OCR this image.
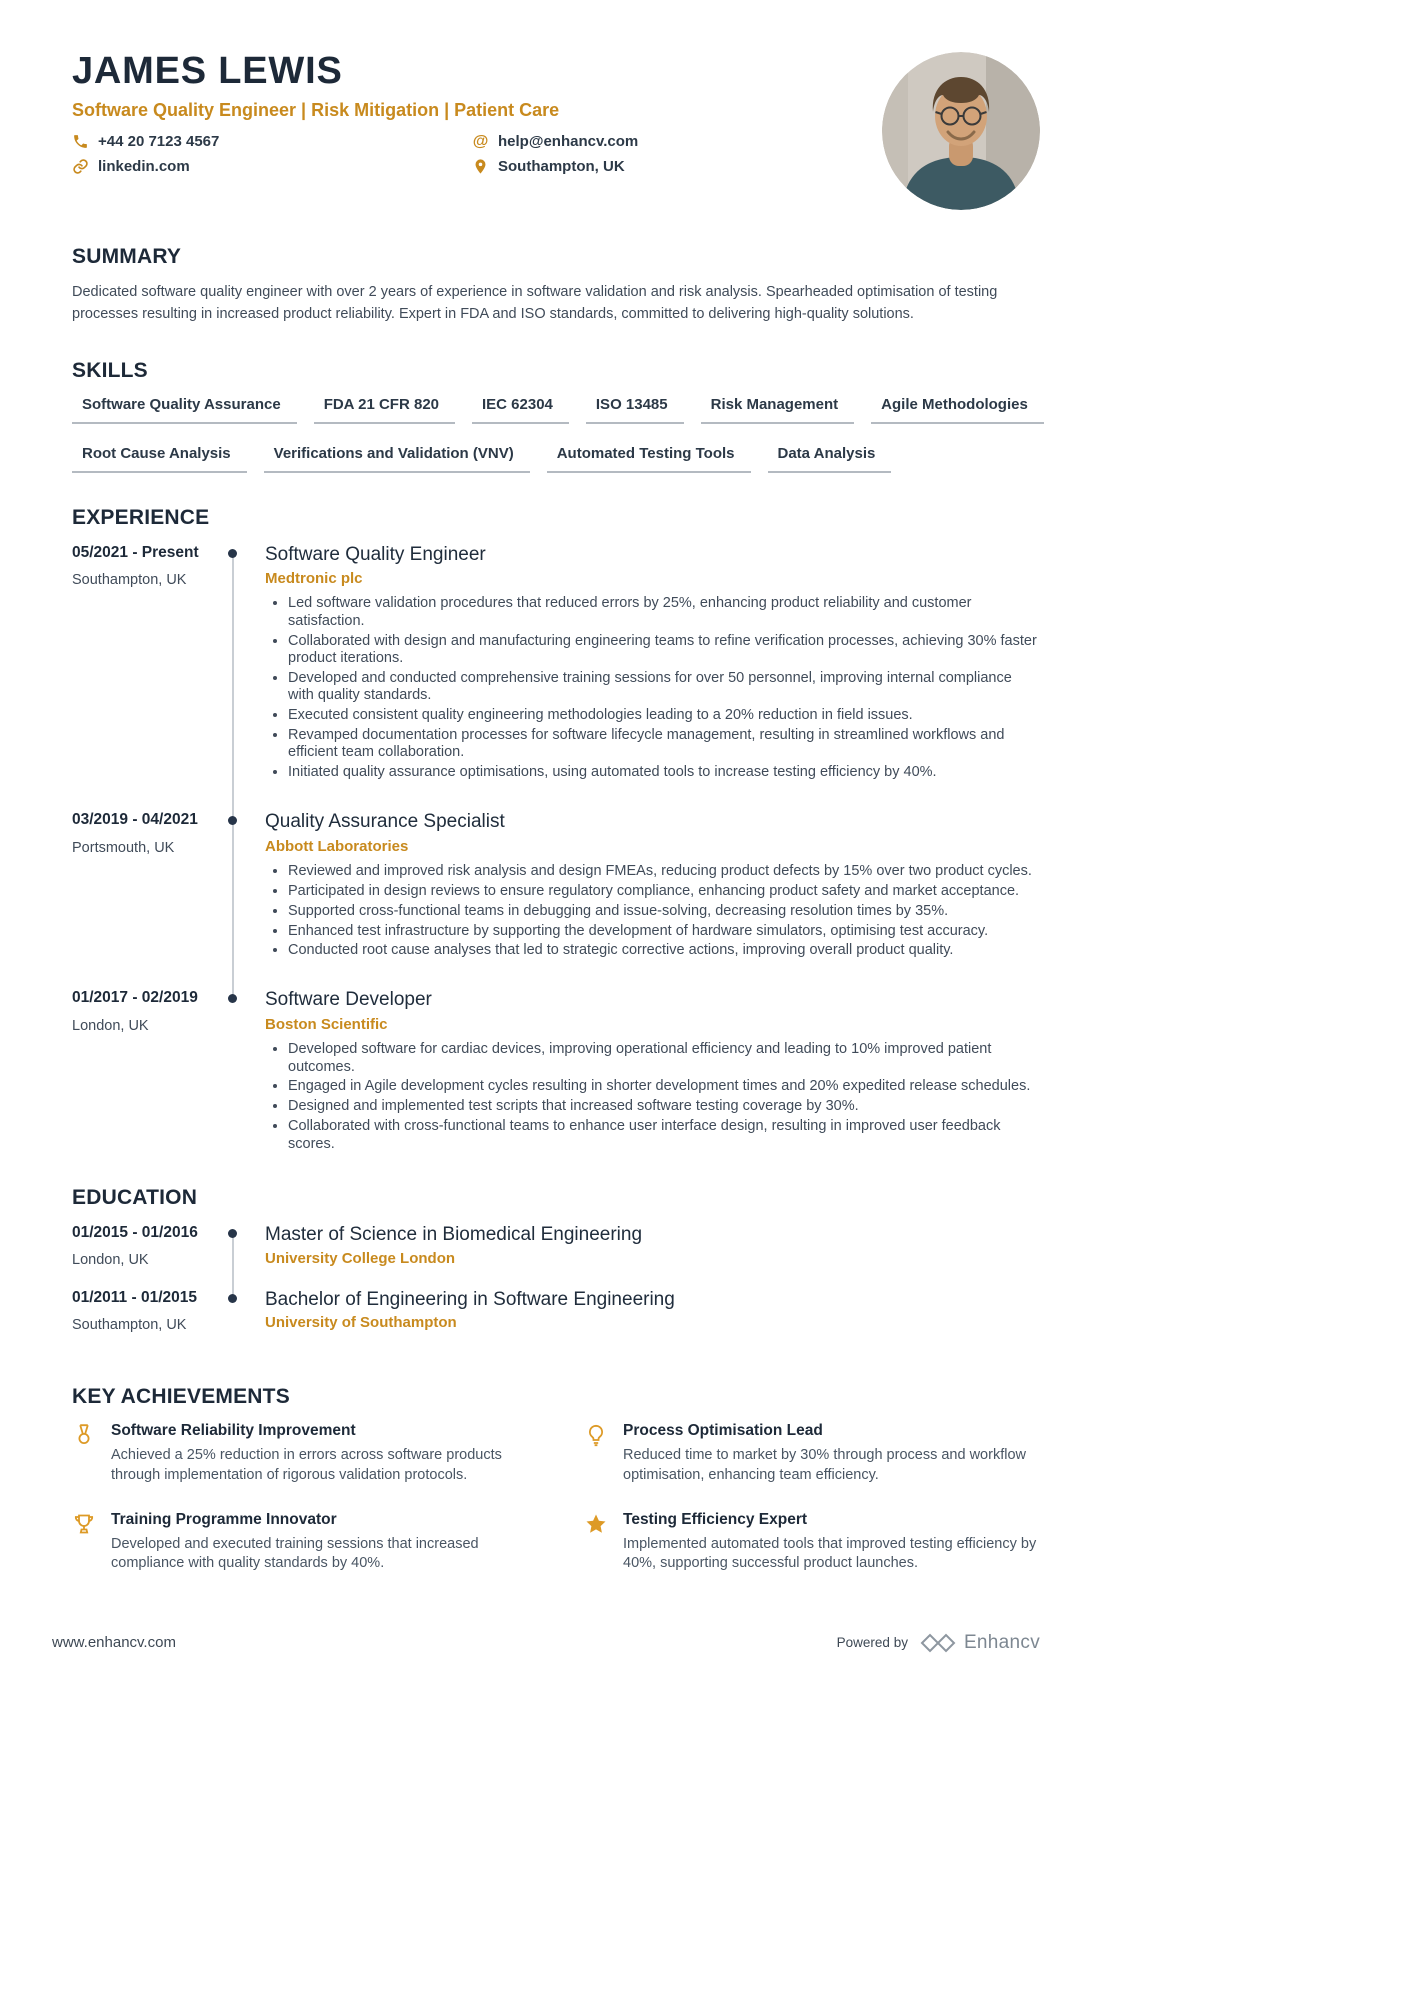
JAMES LEWIS
Software Quality Engineer | Risk Mitigation | Patient Care
+44 20 7123 4567	@ help@enhancv.com
linkedin.com	Southampton, UK
SUMMARY

Dedicated software quality engineer with over 2 years of experience in software validation and risk analysis. Spearheaded optimisation of testing processes resulting in increased product reliability. Expert in FDA and ISO standards, committed to delivering high-quality solutions.

SKILLS
Software Quality Assurance	FDA 21 CFR 820	IEC 62304	ISO 13485	Risk Management	Agile Methodologies
Root Cause Analysis	Verifications and Validation (VNV)	Automated Testing Tools	Data Analysis
EXPERIENCE
05/2021 - Present
Southampton, UK
Software Quality Engineer
Medtronic plc
• Led software validation procedures that reduced errors by 25%, enhancing product reliability and customer satisfaction.
• Collaborated with design and manufacturing engineering teams to refine verification processes, achieving 30% faster product iterations.
• Developed and conducted comprehensive training sessions for over 50 personnel, improving internal compliance with quality standards.
• Executed consistent quality engineering methodologies leading to a 20% reduction in field issues.
• Revamped documentation processes for software lifecycle management, resulting in streamlined workflows and efficient team collaboration.
• Initiated quality assurance optimisations, using automated tools to increase testing efficiency by 40%.
03/2019 - 04/2021
Portsmouth, UK
Quality Assurance Specialist
Abbott Laboratories
• Reviewed and improved risk analysis and design FMEAs, reducing product defects by 15% over two product cycles.
• Participated in design reviews to ensure regulatory compliance, enhancing product safety and market acceptance.
• Supported cross-functional teams in debugging and issue-solving, decreasing resolution times by 35%.
• Enhanced test infrastructure by supporting the development of hardware simulators, optimising test accuracy.
• Conducted root cause analyses that led to strategic corrective actions, improving overall product quality.
01/2017 - 02/2019
London, UK
Software Developer
Boston Scientific
• Developed software for cardiac devices, improving operational efficiency and leading to 10% improved patient outcomes.
• Engaged in Agile development cycles resulting in shorter development times and 20% expedited release schedules.
• Designed and implemented test scripts that increased software testing coverage by 30%.
• Collaborated with cross-functional teams to enhance user interface design, resulting in improved user feedback scores.
EDUCATION
01/2015 - 01/2016
London, UK
Master of Science in Biomedical Engineering
University College London
01/2011 - 01/2015
Southampton, UK
Bachelor of Engineering in Software Engineering
University of Southampton
KEY ACHIEVEMENTS
Software Reliability Improvement
Achieved a 25% reduction in errors across software products through implementation of rigorous validation protocols.
Process Optimisation Lead
Reduced time to market by 30% through process and workflow optimisation, enhancing team efficiency.
Training Programme Innovator
Developed and executed training sessions that increased compliance with quality standards by 40%.
Testing Efficiency Expert
Implemented automated tools that improved testing efficiency by 40%, supporting successful product launches.
www.enhancv.com	Powered by	Enhancv
